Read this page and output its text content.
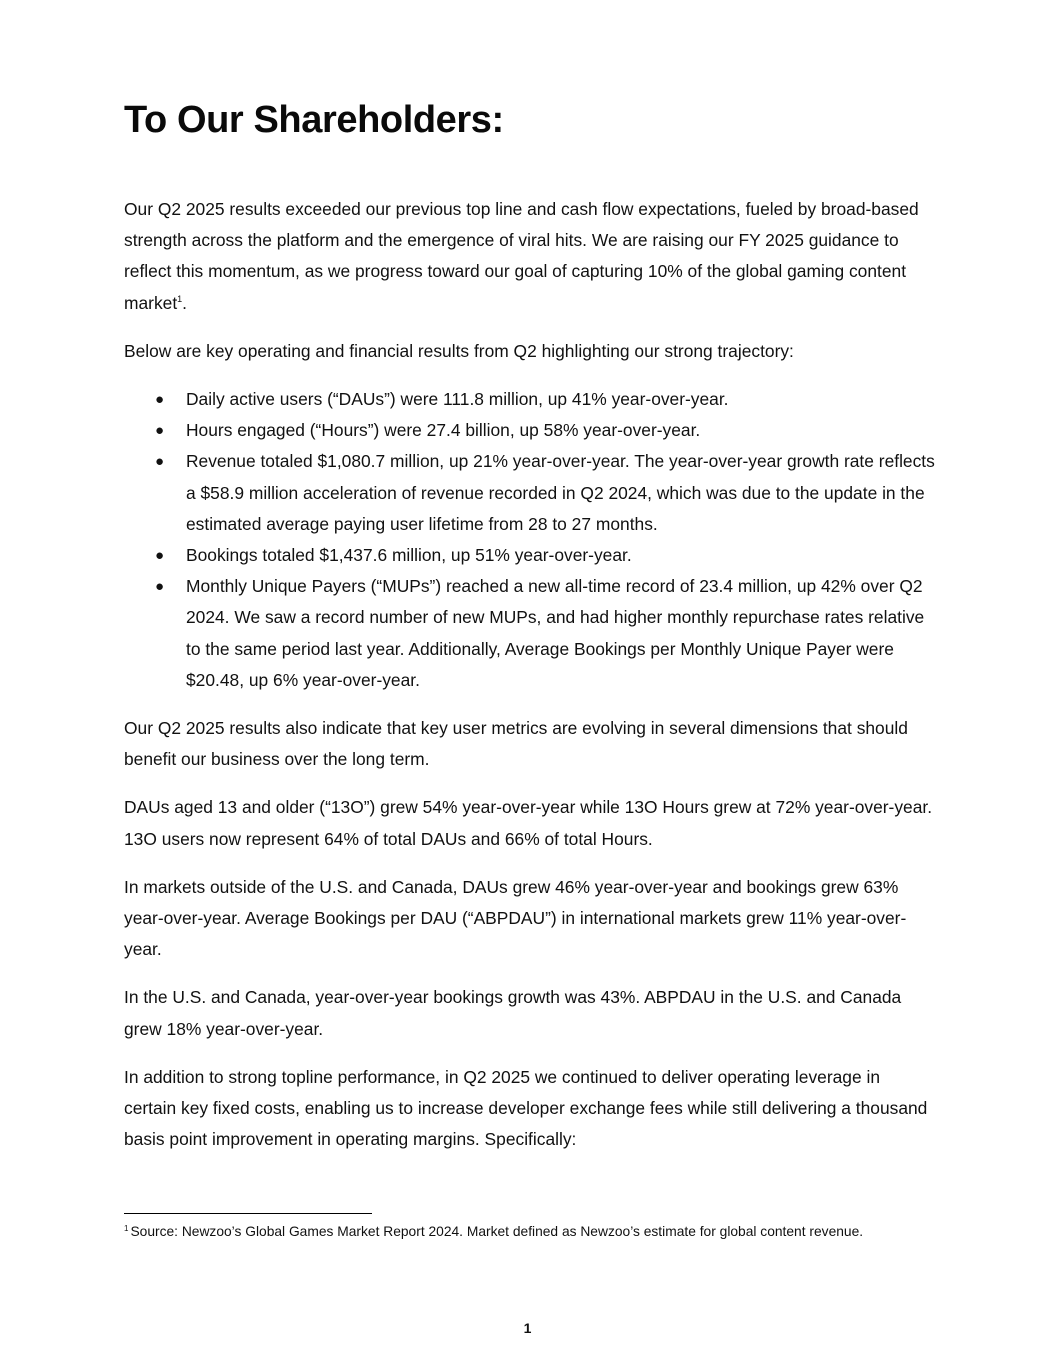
To Our Shareholders:

Our Q2 2025 results exceeded our previous top line and cash flow expectations, fueled by broad-based strength across the platform and the emergence of viral hits. We are raising our FY 2025 guidance to reflect this momentum, as we progress toward our goal of capturing 10% of the global gaming content market$^1$.

Below are key operating and financial results from Q2 highlighting our strong trajectory:

● Daily active users (“DAUs”) were 111.8 million, up 41% year-over-year.
● Hours engaged (“Hours”) were 27.4 billion, up 58% year-over-year.
● Revenue totaled $1,080.7 million, up 21% year-over-year. The year-over-year growth rate reflects a $58.9 million acceleration of revenue recorded in Q2 2024, which was due to the update in the estimated average paying user lifetime from 28 to 27 months.
● Bookings totaled $1,437.6 million, up 51% year-over-year.
● Monthly Unique Payers (“MUPs”) reached a new all-time record of 23.4 million, up 42% over Q2 2024. We saw a record number of new MUPs, and had higher monthly repurchase rates relative to the same period last year. Additionally, Average Bookings per Monthly Unique Payer were $20.48, up 6% year-over-year.

Our Q2 2025 results also indicate that key user metrics are evolving in several dimensions that should benefit our business over the long term.

DAUs aged 13 and older (“13O”) grew 54% year-over-year while 13O Hours grew at 72% year-over-year. 13O users now represent 64% of total DAUs and 66% of total Hours.

In markets outside of the U.S. and Canada, DAUs grew 46% year-over-year and bookings grew 63% year-over-year. Average Bookings per DAU (“ABPDAU”) in international markets grew 11% year-over-year.

In the U.S. and Canada, year-over-year bookings growth was 43%. ABPDAU in the U.S. and Canada grew 18% year-over-year.

In addition to strong topline performance, in Q2 2025 we continued to deliver operating leverage in certain key fixed costs, enabling us to increase developer exchange fees while still delivering a thousand basis point improvement in operating margins. Specifically:

$^1$ Source: Newzoo’s Global Games Market Report 2024. Market defined as Newzoo’s estimate for global content revenue.
1
